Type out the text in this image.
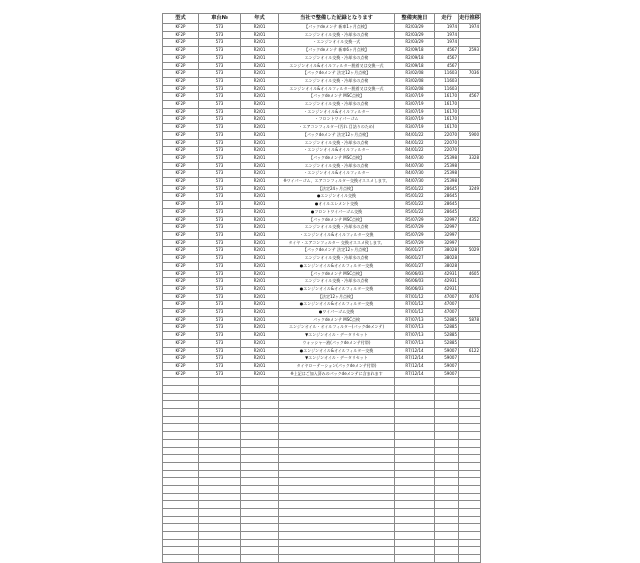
型式	車台№	年式	当社で整備した記録となります	整備実施日	走行	走行推移
KF2P	573	R2/01	【パックdeメンテ 新車1ヶ月点検】	R2/03/29	1974	1974
KF2P	573	R2/01	エンジンオイル交換・冷却水の点検	R2/03/29	1974	
KF2P	573	R2/01	・エンジンオイル交換一式	R2/03/29	1974	
KF2P	573	R2/01	【パックdeメンテ 新車6ヶ月点検】	R2/09/18	4567	2593
KF2P	573	R2/01	エンジンオイル交換・冷却水の点検	R2/09/18	4567	
KF2P	573	R2/01	エンジンオイル&オイルフィルター脱着又は交換一式	R2/09/18	4567	
KF2P	573	R2/01	【パックdeメンテ 法定12ヶ月点検】	R3/02/08	11603	7036
KF2P	573	R2/01	エンジンオイル交換・冷却水の点検	R3/02/08	11603	
KF2P	573	R2/01	エンジンオイル&オイルフィルター脱着又は交換一式	R3/02/08	11603	
KF2P	573	R2/01	【パックdeメンテ MSC点検】	R3/07/19	16170	4567
KF2P	573	R2/01	エンジンオイル交換・冷却水の点検	R3/07/19	16170	
KF2P	573	R2/01	・エンジンオイル&オイルフィルター	R3/07/19	16170	
KF2P	573	R2/01	・フロントワイパーゴム	R3/07/19	16170	
KF2P	573	R2/01	・エアコンフィルター(汚れ 目詰りのため)	R3/07/19	16170	
KF2P	573	R2/01	【パックdeメンテ 法定12ヶ月点検】	R4/01/22	22070	5900
KF2P	573	R2/01	エンジンオイル交換・冷却水の点検	R4/01/22	22070	
KF2P	573	R2/01	・エンジンオイル&オイルフィルター	R4/01/22	22070	
KF2P	573	R2/01	【パックdeメンテ MSC点検】	R4/07/30	25398	3328
KF2P	573	R2/01	エンジンオイル交換・冷却水の点検	R4/07/30	25398	
KF2P	573	R2/01	・エンジンオイル&オイルフィルター	R4/07/30	25398	
KF2P	573	R2/01	※ワイパーゴム、エアコンフィルター交換オススメします。	R4/07/30	25398	
KF2P	573	R2/01	【法定24ヶ月点検】	R5/01/22	28645	3249
KF2P	573	R2/01	●エンジンオイル交換	R5/01/22	28645	
KF2P	573	R2/01	●オイルエレメント交換	R5/01/22	28645	
KF2P	573	R2/01	●フロントワイパーゴム交換	R5/01/22	28645	
KF2P	573	R2/01	【パックdeメンテ MSC点検】	R5/07/29	32997	4352
KF2P	573	R2/01	エンジンオイル交換・冷却水の点検	R5/07/29	32997	
KF2P	573	R2/01	・エンジンオイル&オイルフィルター交換	R5/07/29	32997	
KF2P	573	R2/01	タイヤ・エアコンフィルター 交換オススメ致します。	R5/07/29	32997	
KF2P	573	R2/01	【パックdeメンテ 法定12ヶ月点検】	R6/01/27	38028	5029
KF2P	573	R2/01	エンジンオイル交換・冷却水の点検	R6/01/27	38028	
KF2P	573	R2/01	●エンジンオイル&オイルフィルター交換	R6/01/27	38028	
KF2P	573	R2/01	【パックdeメンテ MSC点検】	R6/06/03	42931	4605
KF2P	573	R2/01	エンジンオイル交換・冷却水の点検	R6/06/03	42931	
KF2P	573	R2/01	●エンジンオイル&オイルフィルター交換	R6/06/03	42931	
KF2P	573	R2/01	【法定12ヶ月点検】	R7/01/12	47007	4076
KF2P	573	R2/01	●エンジンオイル&オイルフィルター交換	R7/01/12	47007	
KF2P	573	R2/01	●ワイパーゴム交換	R7/01/12	47007	
KF2P	573	R2/01	パックdeメンテ MSC点検	R7/07/13	52885	5878
KF2P	573	R2/01	エンジンオイル・オイルフィルター(パックdeメンテ)	R7/07/13	52885	
KF2P	573	R2/01	▼エンジンオイル・データリセット	R7/07/13	52885	
KF2P	573	R2/01	ウォッシャー液(パックdeメンテ付帯)	R7/07/13	52885	
KF2P	573	R2/01	●エンジンオイル&オイルフィルター交換	R7/12/14	59007	6122
KF2P	573	R2/01	▼エンジンオイル・データリセット	R7/12/14	59007	
KF2P	573	R2/01	タイヤローテーション(パックdeメンテ付帯)	R7/12/14	59007	
KF2P	573	R2/01	※上記はご加入済みのパックdeメンテに含まれます	R7/12/14	59007	
